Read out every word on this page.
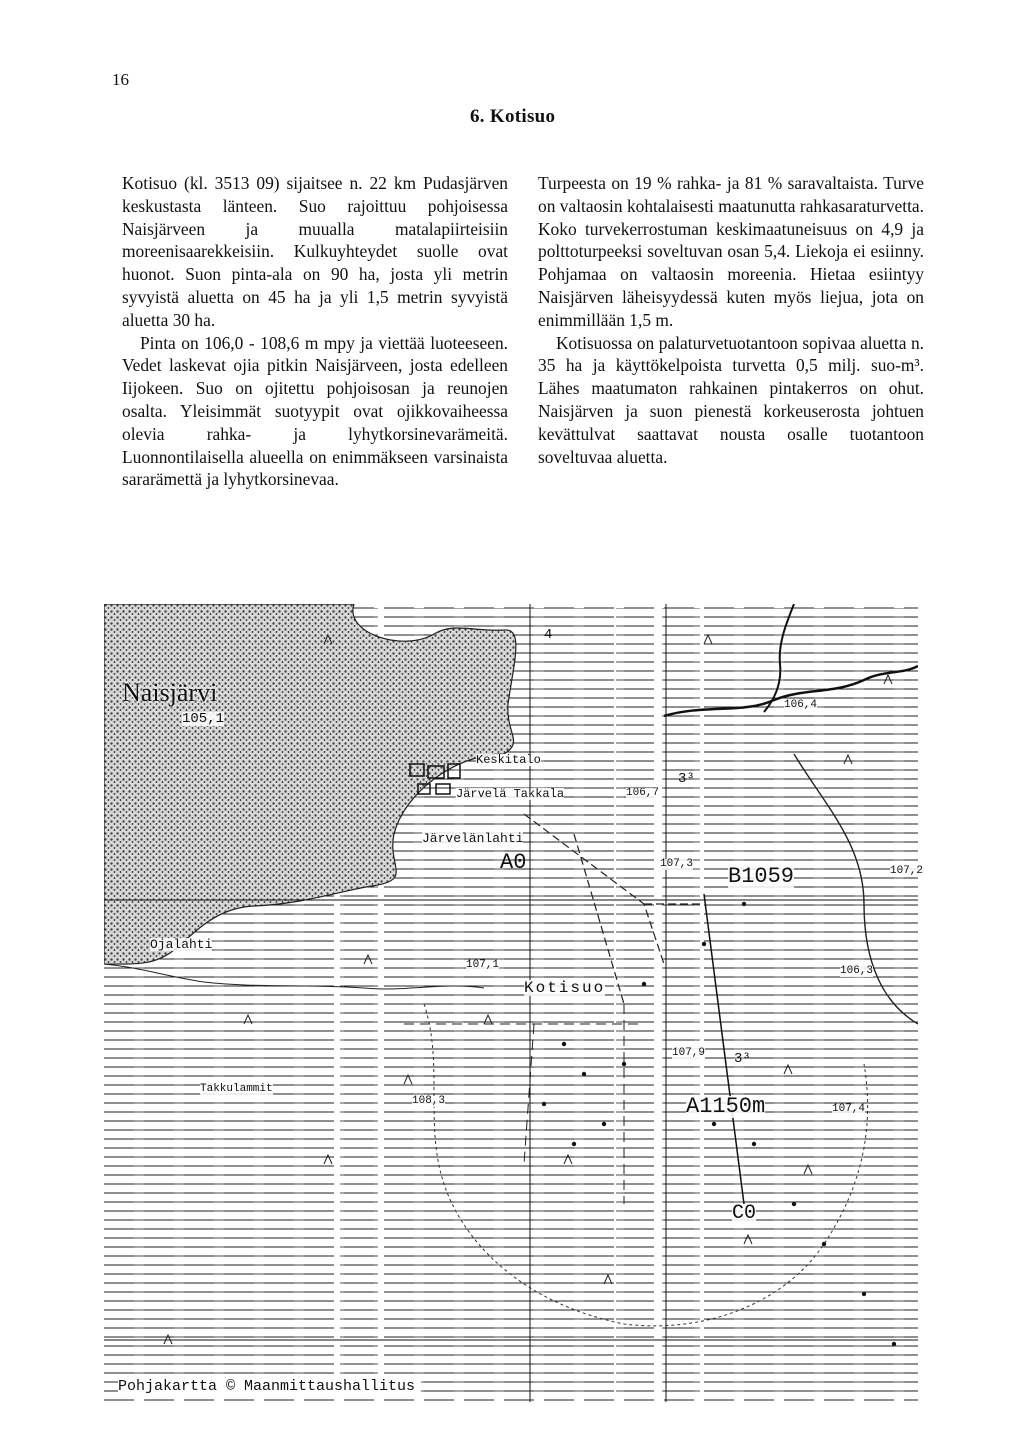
16
6. Kotisuo

Kotisuo (kl. 3513 09) sijaitsee n. 22 km Pudasjärven keskustasta länteen. Suo rajoittuu pohjoisessa Naisjärveen ja muualla matalapiirteisiin moreenisaarekkeisiin. Kulkuyhteydet suolle ovat huonot. Suon pinta-ala on 90 ha, josta yli metrin syvyistä aluetta on 45 ha ja yli 1,5 metrin syvyistä aluetta 30 ha.

Pinta on 106,0 - 108,6 m mpy ja viettää luoteeseen. Vedet laskevat ojia pitkin Naisjärveen, josta edelleen Iijokeen. Suo on ojitettu pohjoisosan ja reunojen osalta. Yleisimmät suotyypit ovat ojikkovaiheessa olevia rahka- ja lyhytkorsinevarämeitä. Luonnontilaisella alueella on enimmäkseen varsinaista sararämettä ja lyhytkorsinevaa.

Turpeesta on 19 % rahka- ja 81 % saravaltaista. Turve on valtaosin kohtalaisesti maatunutta rahkasaraturvetta. Koko turvekerrostuman keskimaatuneisuus on 4,9 ja polttoturpeeksi soveltuvan osan 5,4. Liekoja ei esiinny. Pohjamaa on valtaosin moreenia. Hietaa esiintyy Naisjärven läheisyydessä kuten myös liejua, jota on enimmillään 1,5 m.

Kotisuossa on palaturvetuotantoon sopivaa aluetta n. 35 ha ja käyttökelpoista turvetta 0,5 milj. suo-m³. Lähes maatumaton rahkainen pintakerros on ohut. Naisjärven ja suon pienestä korkeuserosta johtuen kevättulvat saattavat nousta osalle tuotantoon soveltuvaa aluetta.

Naisjärvi
105,1
Keskitalo
Järvelä Takkala
Järvelänlahti
A0
Ojalahti
Kotisuo
B1059
A1150m
Takkulammit
106,4
106,7
107,3
107,2
107,1	106,3
107,9
108,3
107,4
C0
3³
3³
4
Pohjakartta © Maanmittaushallitus
